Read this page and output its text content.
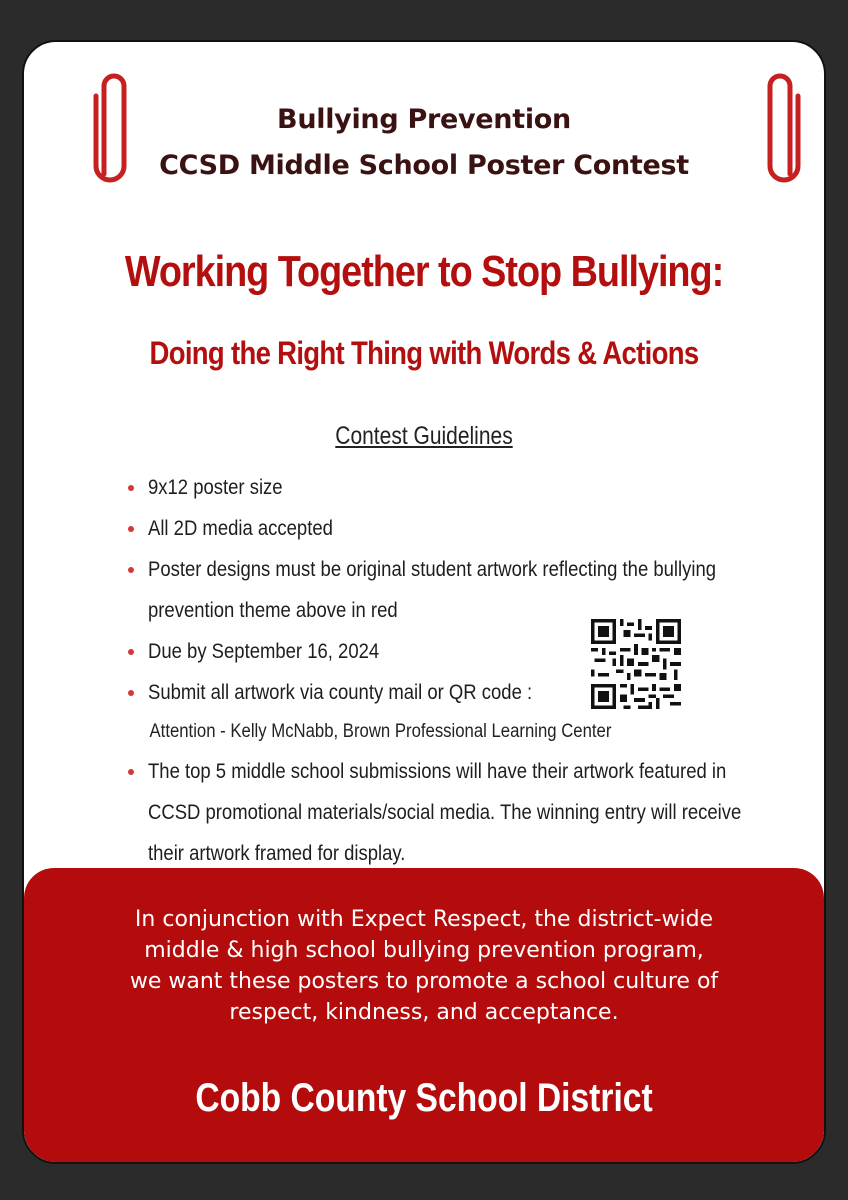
Bullying Prevention
CCSD Middle School Poster Contest
Working Together to Stop Bullying:
Doing the Right Thing with Words & Actions
Contest Guidelines
9x12 poster size
All 2D media accepted
Poster designs must be original student artwork reflecting the bullying
prevention theme above in red
Due by September 16, 2024
Submit all artwork via county mail or QR code :
Attention - Kelly McNabb, Brown Professional Learning Center
The top 5 middle school submissions will have their artwork featured in
CCSD promotional materials/social media. The winning entry will receive
their artwork framed for display.
In conjunction with Expect Respect, the district-wide
middle & high school bullying prevention program,
we want these posters to promote a school culture of
respect, kindness, and acceptance.
Cobb County School District
